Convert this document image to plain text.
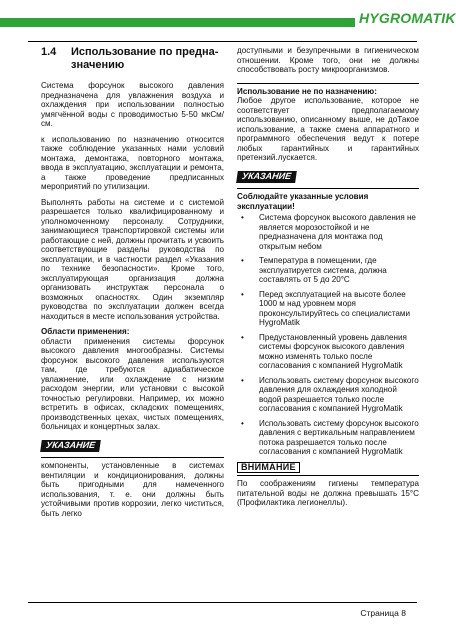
HYGROMATIK
1.4 Использование по предна-
значению

Система форсунок высокого давления предназначена для увлажнения воздуха и охлаждения при использовании полностью умягчённой воды с проводимостью 5-50 мкСм/см.

к использованию по назначению относится также соблюдение указанных нами условий монтажа, демонтажа, повторного монтажа, ввода в эксплуатацию, эксплуатации и ремонта, а также проведение предписанных мероприятий по утилизации.

Выполнять работы на системе и с системой разрешается только квалифицированному и уполномоченному персоналу. Сотрудники, занимающиеся транспортировкой системы или работающие с ней, должны прочитать и усвоить соответствующие разделы руководства по эксплуатации, и в частности раздел «Указания по технике безопасности». Кроме того, эксплуатирующая организация должна организовать инструктаж персонала о возможных опасностях. Один экземпляр руководства по эксплуатации должен всегда находиться в месте использования устройства.

Области применения:

области применения системы форсунок высокого давления многообразны. Системы форсунок высокого давления используются там, где требуются адиабатическое увлажнение, или охлаждение с низким расходом энергии, или установки с высокой точностью регулировки. Например, их можно встретить в офисах, складских помещениях, производственных цехах, чистых помещениях, больницах и концертных залах.

УКАЗАНИЕ

компоненты, установленные в системах вентиляции и кондиционирования, должны быть пригодными для намеченного использования, т. е. они должны быть устойчивыми против коррозии, легко чиститься, быть легко

доступными и безупречными в гигиеническом отношении. Кроме того, они не должны способствовать росту микроорганизмов.

Использование не по назначению:

Любое другое использование, которое не соответствует предполагаемому использованию, описанному выше, не доТакое использование, а также смена аппаратного и программного обеспечения ведут к потере любых гарантийных и гарантийных претензий.лускается.

УКАЗАНИЕ
Соблюдайте указанные условия эксплуатации!
• Система форсунок высокого давления не является морозостойкой и не предназначена для монтажа под открытым небом
• Температура в помещении, где эксплуатируется система, должна составлять от 5 до 20°C
• Перед эксплуатацией на высоте более 1000 м над уровнем моря проконсультируйтесь со специалистами HygroMatik
• Предустановленный уровень давления системы форсунок высокого давления можно изменять только после согласования с компанией HygroMatik
• Использовать систему форсунок высокого давления для охлаждения холодной водой разрешается только после согласования с компанией HygroMatik
• Использовать систему форсунок высокого давления с вертикальным направлением потока разрешается только после согласования с компанией HygroMatik
ВНИМАНИЕ

По соображениям гигиены температура питательной воды не должна превышать 15°C (Профилактика легионеллы).

Страница 8
